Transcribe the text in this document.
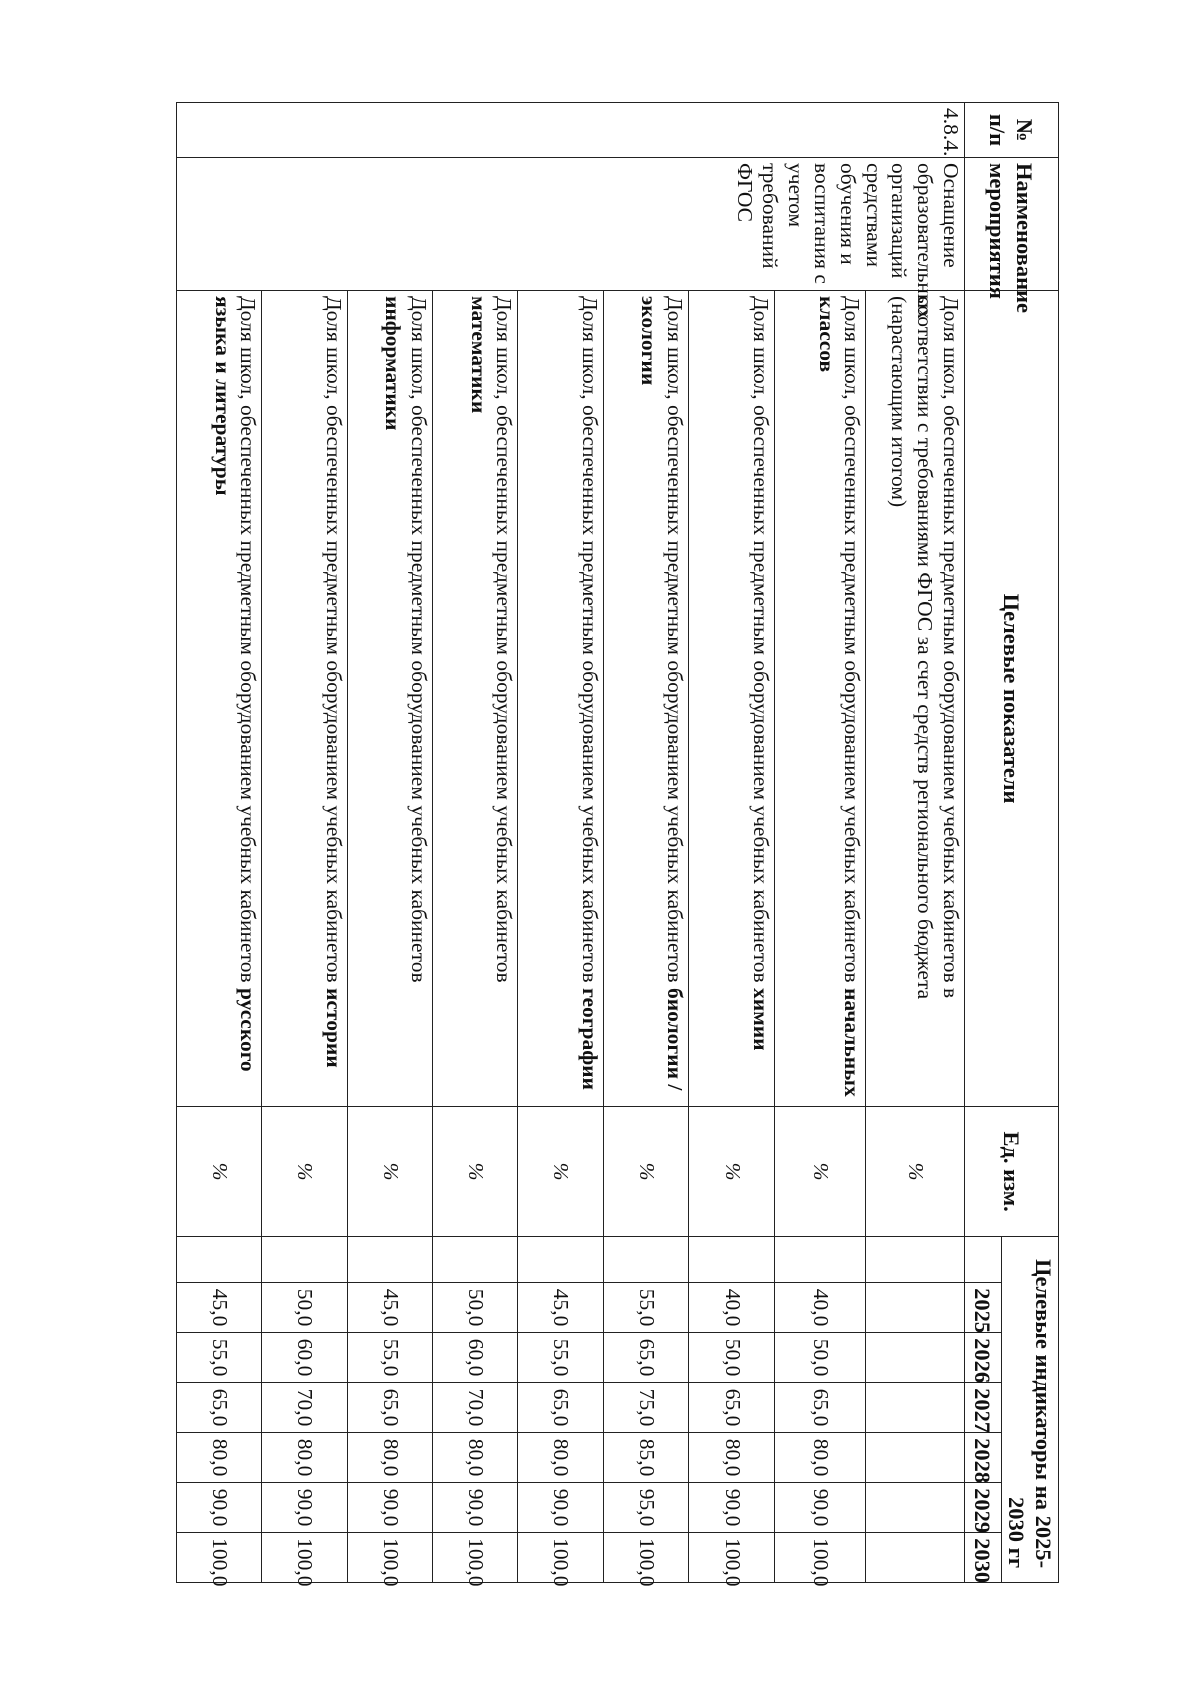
№ п/п	Наименование мероприятия	Целевые показатели	Ед. изм.	Целевые индикаторы на 2025-2030 гг						
					2025	2026	2027	2028	2029	2030
4.8.4.	Оснащение образовательных организаций средствами обучения и воспитания с учетом требований ФГОС	Доля школ, обеспеченных предметным оборудованием учебных кабинетов в соответствии с требованиями ФГОС за счет средств регионального бюджета (нарастающим итогом)	%							
		Доля школ, обеспеченных предметным оборудованием учебных кабинетов начальных классов	%		40,0	50,0	65,0	80,0	90,0	100,0
		Доля школ, обеспеченных предметным оборудованием учебных кабинетов химии	%		40,0	50,0	65,0	80,0	90,0	100,0
		Доля школ, обеспеченных предметным оборудованием учебных кабинетов биологии / экологии	%		55,0	65,0	75,0	85,0	95,0	100,0
		Доля школ, обеспеченных предметным оборудованием учебных кабинетов географии	%		45,0	55,0	65,0	80,0	90,0	100,0
		Доля школ, обеспеченных предметным оборудованием учебных кабинетов математики	%		50,0	60,0	70,0	80,0	90,0	100,0
		Доля школ, обеспеченных предметным оборудованием учебных кабинетов информатики	%		45,0	55,0	65,0	80,0	90,0	100,0
		Доля школ, обеспеченных предметным оборудованием учебных кабинетов истории	%		50,0	60,0	70,0	80,0	90,0	100,0
		Доля школ, обеспеченных предметным оборудованием учебных кабинетов русского языка и литературы	%		45,0	55,0	65,0	80,0	90,0	100,0
